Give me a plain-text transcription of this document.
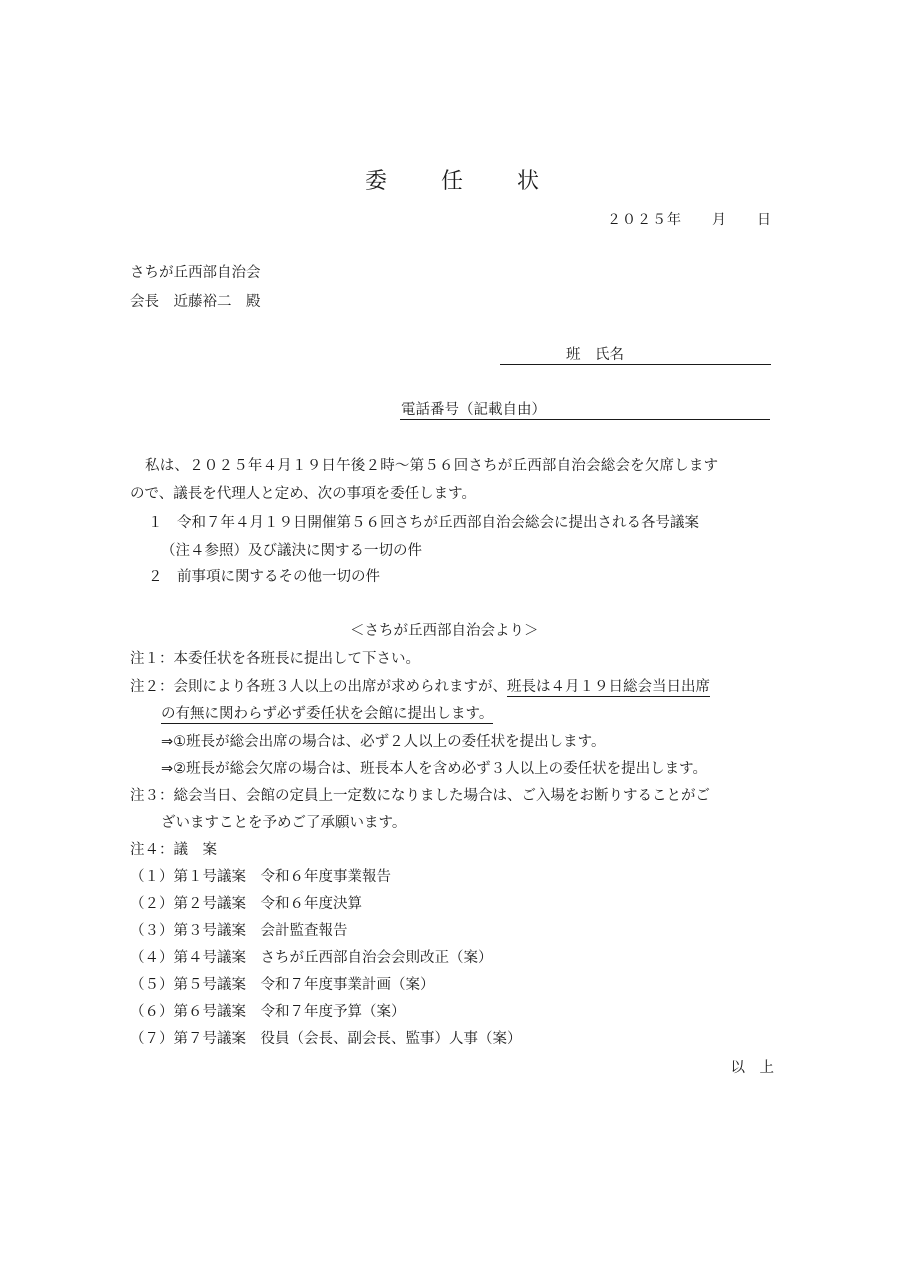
委　任　状
２０２５年　　月　　日
さちが丘西部自治会
会長　近藤裕二　殿
班　氏名
電話番号（記載自由）
私は、２０２５年４月１９日午後２時～第５６回さちが丘西部自治会総会を欠席します
ので、議長を代理人と定め、次の事項を委任します。
１　令和７年４月１９日開催第５６回さちが丘西部自治会総会に提出される各号議案
（注４参照）及び議決に関する一切の件
２　前事項に関するその他一切の件
＜さちが丘西部自治会より＞
注１：本委任状を各班長に提出して下さい。
注２：会則により各班３人以上の出席が求められますが、班長は４月１９日総会当日出席
の有無に関わらず必ず委任状を会館に提出します。
⇒①班長が総会出席の場合は、必ず２人以上の委任状を提出します。
⇒②班長が総会欠席の場合は、班長本人を含め必ず３人以上の委任状を提出します。
注３：総会当日、会館の定員上一定数になりました場合は、ご入場をお断りすることがご
ざいますことを予めご了承願います。
注４：議　案
（１）第１号議案　令和６年度事業報告
（２）第２号議案　令和６年度決算
（３）第３号議案　会計監査報告
（４）第４号議案　さちが丘西部自治会会則改正（案）
（５）第５号議案　令和７年度事業計画（案）
（６）第６号議案　令和７年度予算（案）
（７）第７号議案　役員（会長、副会長、監事）人事（案）
以　上
